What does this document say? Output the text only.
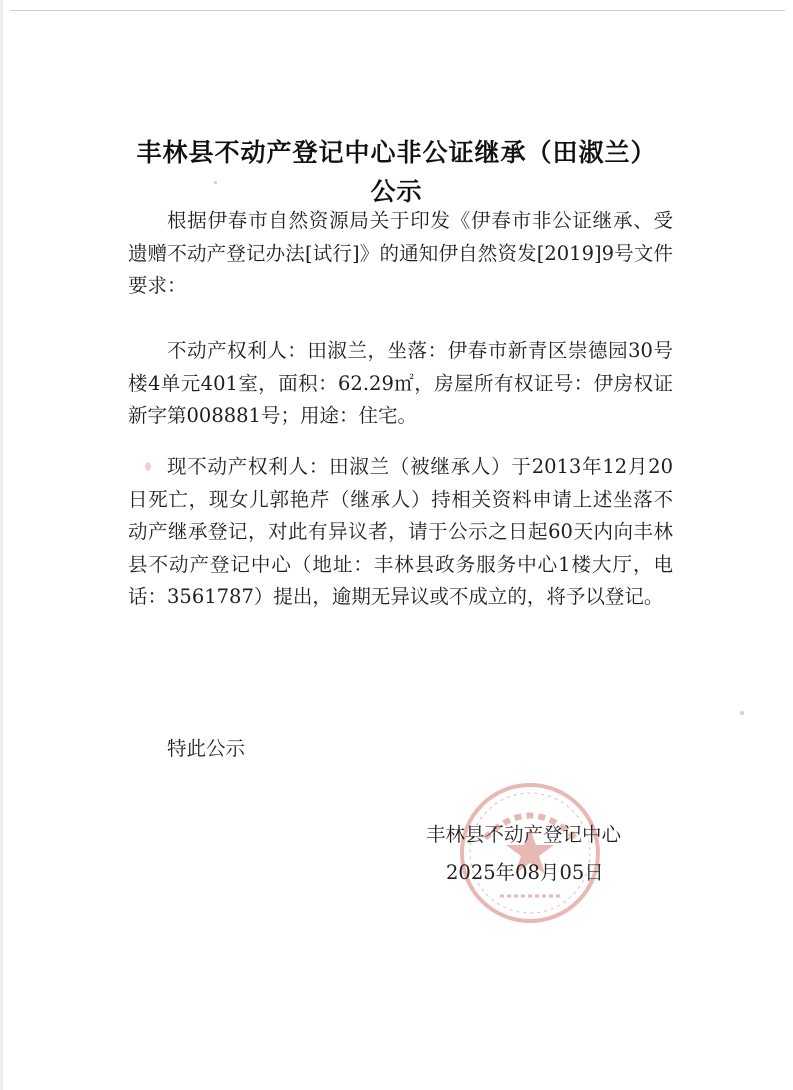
丰林县不动产登记中心非公证继承（田淑兰）
公示

根据伊春市自然资源局关于印发《伊春市非公证继承、受遗赠不动产登记办法[试行]》的通知伊自然资发[2019]9号文件要求：

不动产权利人：田淑兰，坐落：伊春市新青区崇德园30号楼4单元401室，面积：62.29㎡，房屋所有权证号：伊房权证新字第008881号；用途：住宅。

现不动产权利人：田淑兰（被继承人）于2013年12月20日死亡，现女儿郭艳芹（继承人）持相关资料申请上述坐落不动产继承登记，对此有异议者，请于公示之日起60天内向丰林县不动产登记中心（地址：丰林县政务服务中心1楼大厅，电话：3561787）提出，逾期无异议或不成立的，将予以登记。

特此公示
丰林县不动产登记中心
2025年08月05日
